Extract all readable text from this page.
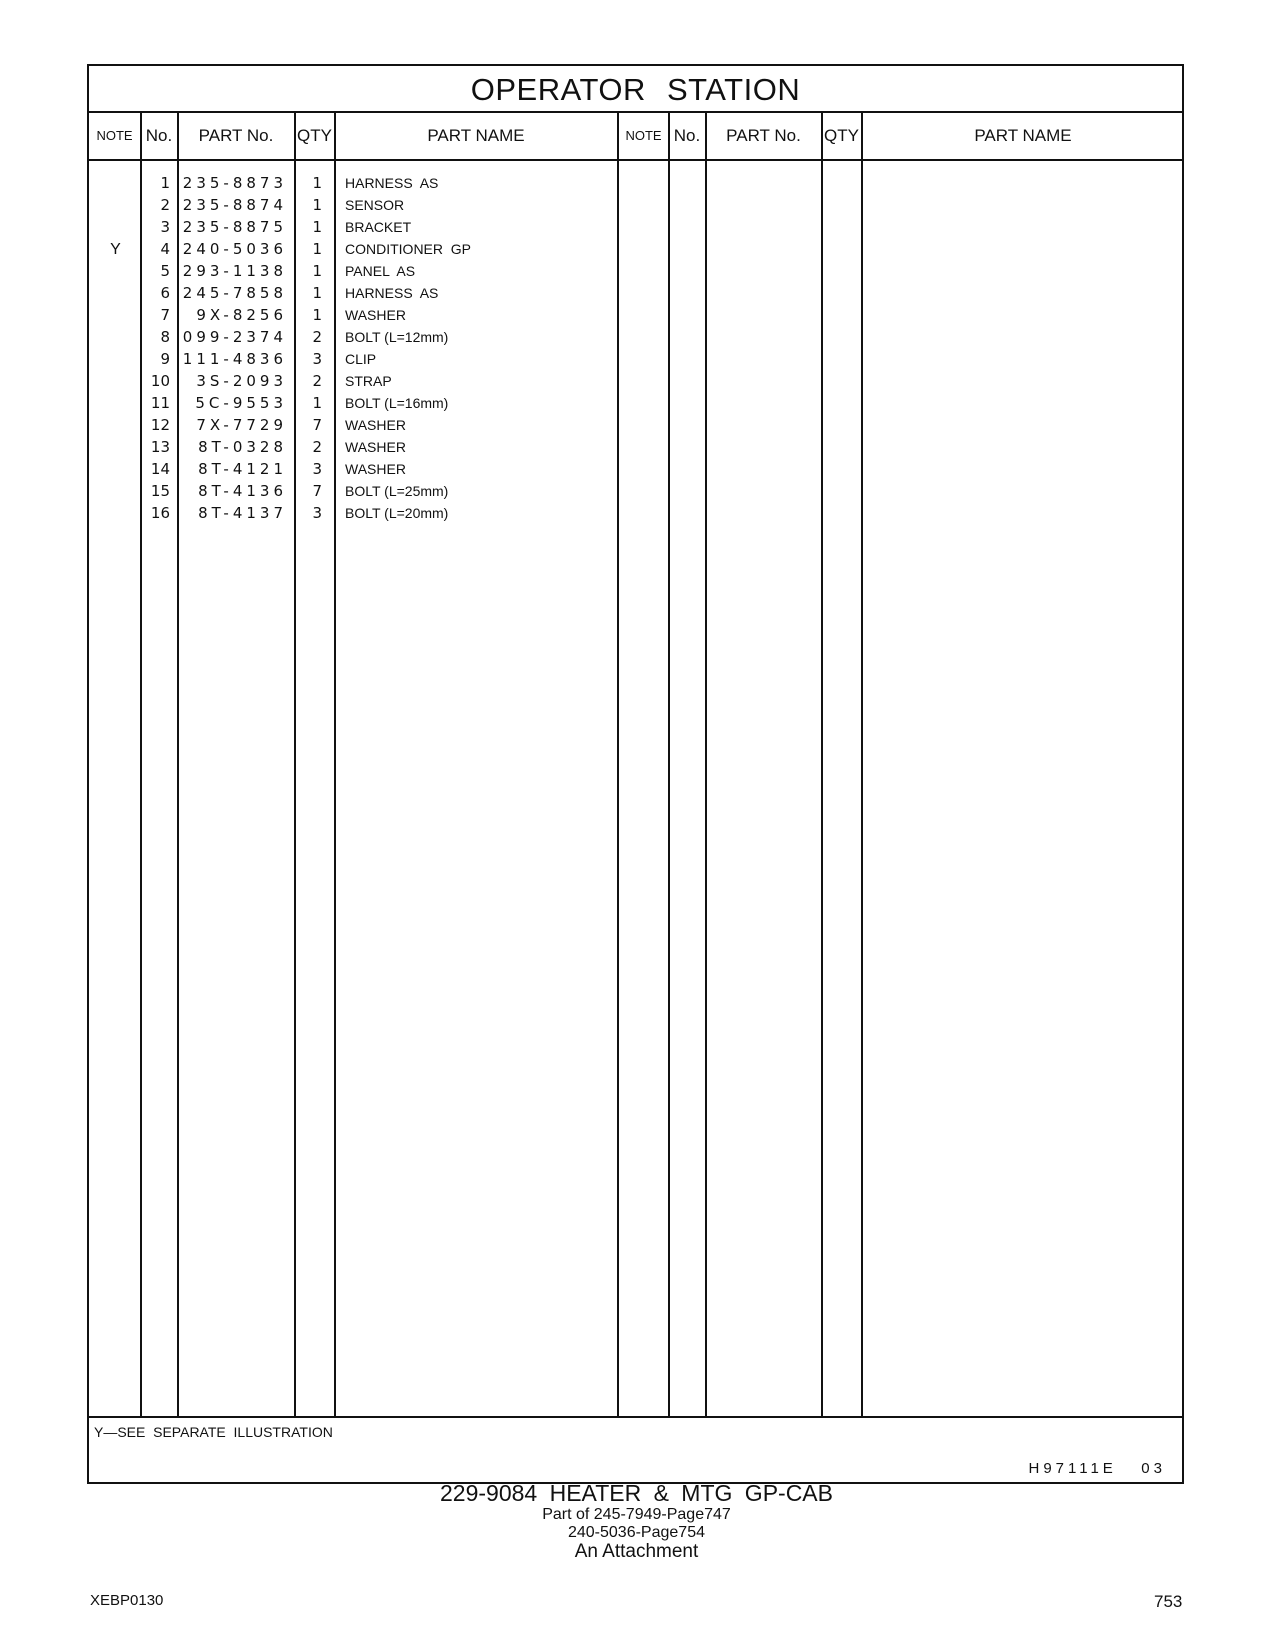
OPERATOR STATION
NOTE No.	PART No.	QTY	PART NAME	NOTE No.	PART No.	QTY	PART NAME
1 235-8873	1 HARNESS  AS
2 235-8874	1 SENSOR
3 235-8875	1 BRACKET
Y	4 240-5036	1 CONDITIONER  GP
5 293-1138	1 PANEL  AS
6 245-7858	1 HARNESS  AS
7	9X-8256	1 WASHER
8 099-2374	2 BOLT (L=12mm)
9 111-4836	3 CLIP
10	3S-2093	2 STRAP
11	5C-9553	1 BOLT (L=16mm)
12	7X-7729	7 WASHER
13	8T-0328	2 WASHER
14	8T-4121	3 WASHER
15	8T-4136	7 BOLT (L=25mm)
16	8T-4137	3 BOLT (L=20mm)
Y—SEE  SEPARATE  ILLUSTRATION
H97111E   03
229-9084 HEATER & MTG GP-CAB
Part of 245-7949-Page747
240-5036-Page754
An Attachment
XEBP0130	753
